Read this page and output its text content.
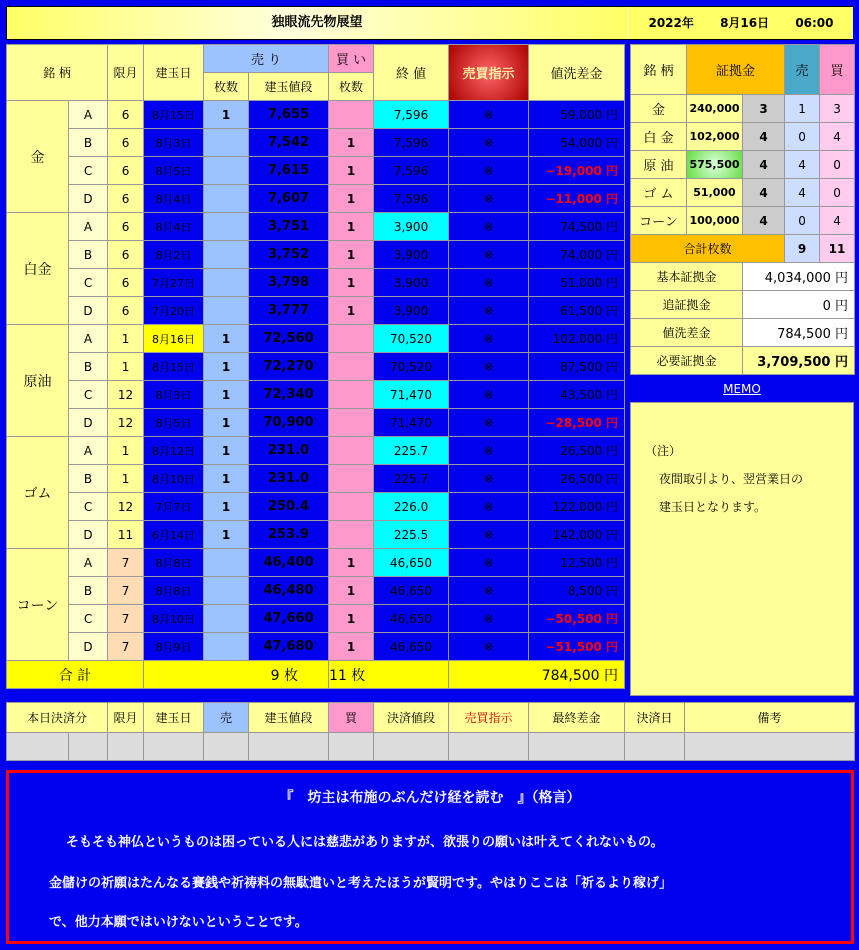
独眼流先物展望	2022年 8月16日 06:00
銘 柄		限月	建玉日	売 り		買 い	終 値	売買指示	値洗差金
				枚数	建玉値段	枚数			
金	A	6	8月15日	1	7,655		7,596	※	59,000 円
	B	6	8月3日		7,542	1	7,596	※	54,000 円
	C	6	8月5日		7,615	1	7,596	※	−19,000 円
	D	6	8月4日		7,607	1	7,596	※	−11,000 円
白金	A	6	8月4日		3,751	1	3,900	※	74,500 円
	B	6	8月2日		3,752	1	3,900	※	74,000 円
	C	6	7月27日		3,798	1	3,900	※	51,000 円
	D	6	7月20日		3,777	1	3,900	※	61,500 円
原油	A	1	8月16日	1	72,560		70,520	※	102,000 円
	B	1	8月15日	1	72,270		70,520	※	87,500 円
	C	12	8月3日	1	72,340		71,470	※	43,500 円
	D	12	8月5日	1	70,900		71,470	※	−28,500 円
ゴム	A	1	8月12日	1	231.0		225.7	※	26,500 円
	B	1	8月10日	1	231.0		225.7	※	26,500 円
	C	12	7月7日	1	250.4		226.0	※	122,000 円
	D	11	6月14日	1	253.9		225.5	※	142,000 円
コーン	A	7	8月8日		46,400	1	46,650	※	12,500 円
	B	7	8月8日		46,480	1	46,650	※	8,500 円
	C	7	8月10日		47,660	1	46,650	※	−50,500 円
	D	7	8月9日		47,680	1	46,650	※	−51,500 円
合 計			9 枚			11 枚		784,500 円	
銘 柄	証拠金		売	買
金	240,000	3	1	3
白 金	102,000	4	0	4
原 油	575,500	4	4	0
ゴ ム	51,000	4	4	0
コーン	100,000	4	0	4
合計枚数			9	11
基本証拠金		4,034,000 円		
追証拠金		0 円		
値洗差金		784,500 円		
必要証拠金		3,709,500 円		
MEMO
（注）
夜間取引より、翌営業日の
建玉日となります。
本日決済分		限月	建玉日	売	建玉値段	買	決済値段	売買指示	最終差金	決済日	備考

『　坊主は布施のぶんだけ経を読む　』（格言）

そもそも神仏というものは困っている人には慈悲がありますが、欲張りの願いは叶えてくれないもの。

金儲けの祈願はたんなる賽銭や祈祷料の無駄遣いと考えたほうが賢明です。やはりここは「祈るより稼げ」

で、他力本願ではいけないということです。
